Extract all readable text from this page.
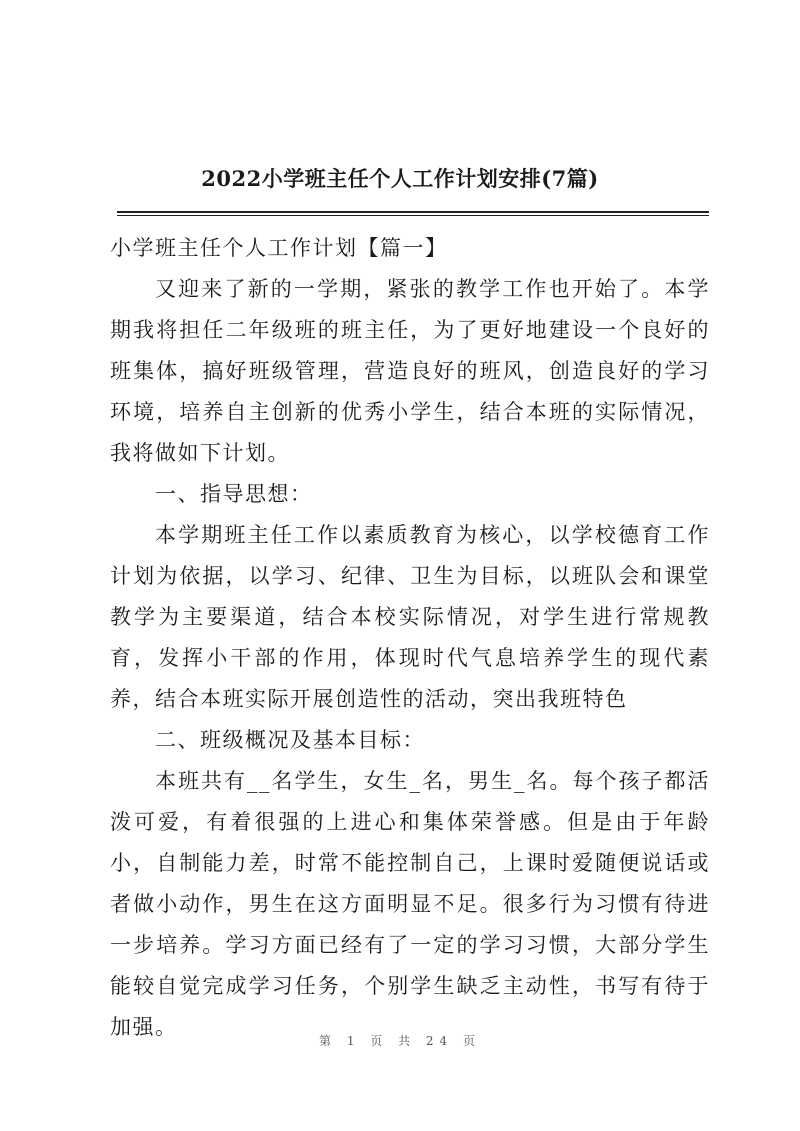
2022小学班主任个人工作计划安排(7篇)

小学班主任个人工作计划【篇一】

又迎来了新的一学期，紧张的教学工作也开始了。本学期我将担任二年级班的班主任，为了更好地建设一个良好的班集体，搞好班级管理，营造良好的班风，创造良好的学习环境，培养自主创新的优秀小学生，结合本班的实际情况，我将做如下计划。

一、指导思想：

本学期班主任工作以素质教育为核心，以学校德育工作计划为依据，以学习、纪律、卫生为目标，以班队会和课堂教学为主要渠道，结合本校实际情况，对学生进行常规教育，发挥小干部的作用，体现时代气息培养学生的现代素养，结合本班实际开展创造性的活动，突出我班特色

二、班级概况及基本目标：

本班共有__名学生，女生_名，男生_名。每个孩子都活泼可爱，有着很强的上进心和集体荣誉感。但是由于年龄小，自制能力差，时常不能控制自己，上课时爱随便说话或者做小动作，男生在这方面明显不足。很多行为习惯有待进一步培养。学习方面已经有了一定的学习习惯，大部分学生能较自觉完成学习任务，个别学生缺乏主动性，书写有待于加强。

第 1 页 共 24 页
